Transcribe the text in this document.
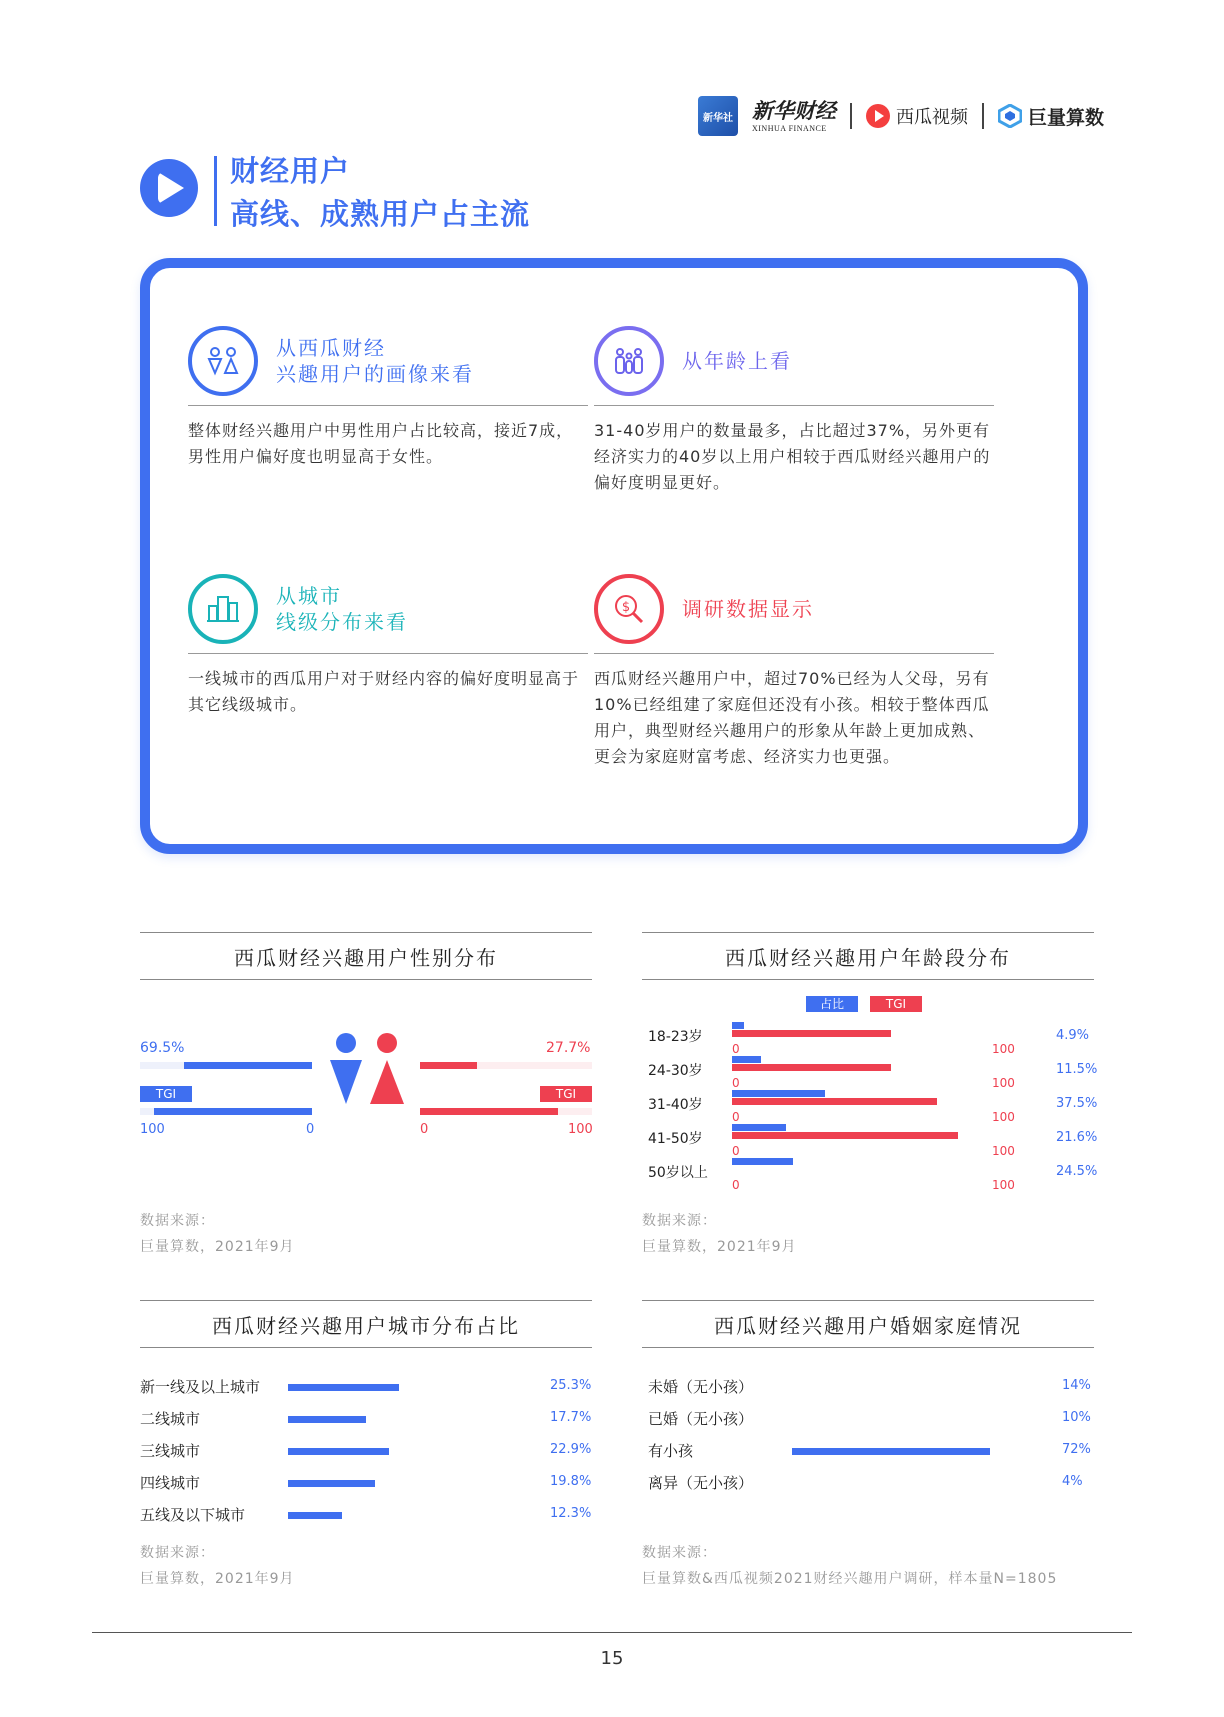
新华社 新华财经
XINHUA FINANCE	西瓜视频	巨量算数
财经用户
高线、成熟用户占主流
从西瓜财经
兴趣用户的画像来看
整体财经兴趣用户中男性用户占比较高，接近7成，男性用户偏好度也明显高于女性。
从年龄上看
31-40岁用户的数量最多，占比超过37%，另外更有经济实力的40岁以上用户相较于西瓜财经兴趣用户的偏好度明显更好。
从城市
线级分布来看
一线城市的西瓜用户对于财经内容的偏好度明显高于其它线级城市。
$	调研数据显示
西瓜财经兴趣用户中，超过70%已经为人父母，另有10%已经组建了家庭但还没有小孩。相较于整体西瓜用户，典型财经兴趣用户的形象从年龄上更加成熟、更会为家庭财富考虑、经济实力也更强。
西瓜财经兴趣用户性别分布
69.5%	27.7%
TGI	TGI
100	0	0	100
数据来源：
巨量算数，2021年9月
西瓜财经兴趣用户年龄段分布
占比	TGI
18-23岁
0	100
4.9%
24-30岁
0	100
11.5%
31-40岁
0	100
37.5%
41-50岁
0	100
21.6%
50岁以上
0	100
24.5%
数据来源：
巨量算数，2021年9月
西瓜财经兴趣用户城市分布占比
新一线及以上城市	25.3%
二线城市	17.7%
三线城市	22.9%
四线城市	19.8%
五线及以下城市	12.3%
数据来源：
巨量算数，2021年9月
西瓜财经兴趣用户婚姻家庭情况
未婚（无小孩）	14%
已婚（无小孩）	10%
有小孩	72%
离异（无小孩）	4%
数据来源：
巨量算数&西瓜视频2021财经兴趣用户调研，样本量N=1805
15
